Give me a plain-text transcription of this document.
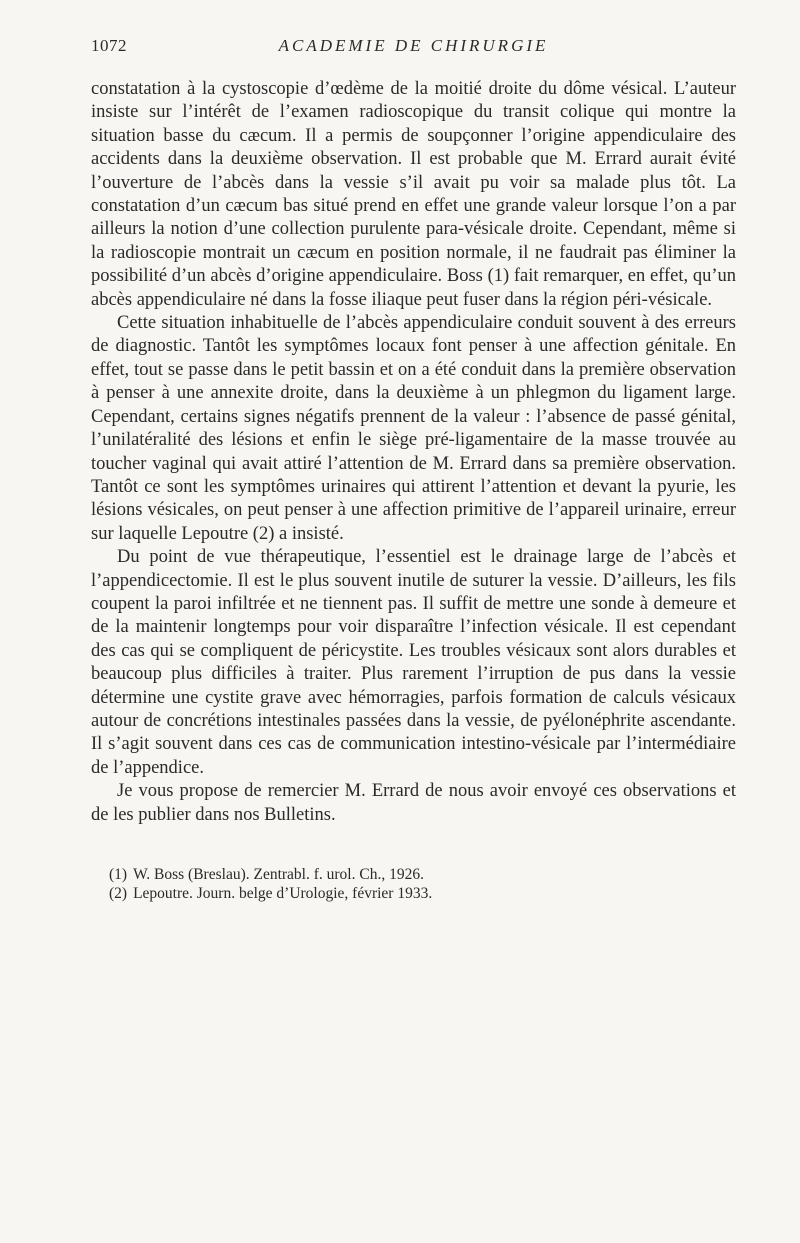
1072	ACADEMIE DE CHIRURGIE

constatation à la cystoscopie d’œdème de la moitié droite du dôme vésical. L’auteur insiste sur l’intérêt de l’examen radioscopique du transit colique qui montre la situation basse du cæcum. Il a permis de soupçonner l’origine appendiculaire des accidents dans la deuxième observation. Il est probable que M. Errard aurait évité l’ouverture de l’abcès dans la vessie s’il avait pu voir sa malade plus tôt. La constatation d’un cæcum bas situé prend en effet une grande valeur lorsque l’on a par ailleurs la notion d’une collection purulente para-vésicale droite. Cependant, même si la radioscopie montrait un cæcum en position normale, il ne faudrait pas éliminer la possibilité d’un abcès d’origine appendiculaire. Boss (1) fait remarquer, en effet, qu’un abcès appendiculaire né dans la fosse iliaque peut fuser dans la région péri-vésicale.

Cette situation inhabituelle de l’abcès appendiculaire conduit souvent à des erreurs de diagnostic. Tantôt les symptômes locaux font penser à une affection génitale. En effet, tout se passe dans le petit bassin et on a été conduit dans la première observation à penser à une annexite droite, dans la deuxième à un phlegmon du ligament large. Cependant, certains signes négatifs prennent de la valeur : l’absence de passé génital, l’unilatéralité des lésions et enfin le siège pré-ligamentaire de la masse trouvée au toucher vaginal qui avait attiré l’attention de M. Errard dans sa première observation. Tantôt ce sont les symptômes urinaires qui attirent l’attention et devant la pyurie, les lésions vésicales, on peut penser à une affection primitive de l’appareil urinaire, erreur sur laquelle Lepoutre (2) a insisté.

Du point de vue thérapeutique, l’essentiel est le drainage large de l’abcès et l’appendicectomie. Il est le plus souvent inutile de suturer la vessie. D’ailleurs, les fils coupent la paroi infiltrée et ne tiennent pas. Il suffit de mettre une sonde à demeure et de la maintenir longtemps pour voir disparaître l’infection vésicale. Il est cependant des cas qui se compliquent de péricystite. Les troubles vésicaux sont alors durables et beaucoup plus difficiles à traiter. Plus rarement l’irruption de pus dans la vessie détermine une cystite grave avec hémorragies, parfois formation de calculs vésicaux autour de concrétions intestinales passées dans la vessie, de pyélonéphrite ascendante. Il s’agit souvent dans ces cas de communication intestino-vésicale par l’intermédiaire de l’appendice.

Je vous propose de remercier M. Errard de nous avoir envoyé ces observations et de les publier dans nos Bulletins.

(1) W. Boss (Breslau). Zentrabl. f. urol. Ch., 1926.

(2) Lepoutre. Journ. belge d’Urologie, février 1933.
